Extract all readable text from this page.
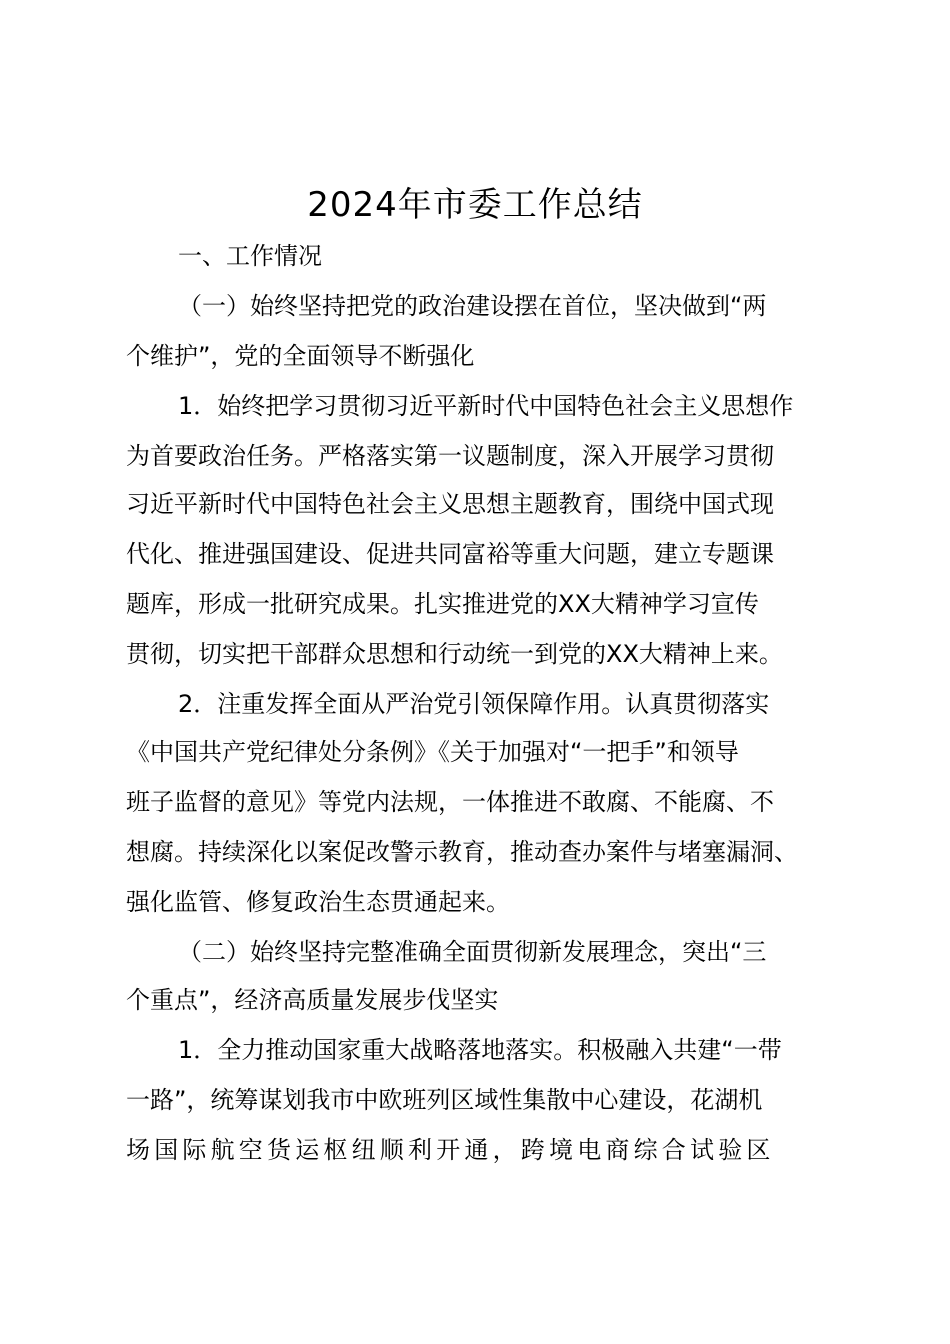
2024年市委工作总结
一、工作情况
（一）始终坚持把党的政治建设摆在首位，坚决做到“两
个维护”，党的全面领导不断强化
1．始终把学习贯彻习近平新时代中国特色社会主义思想作
为首要政治任务。严格落实第一议题制度，深入开展学习贯彻
习近平新时代中国特色社会主义思想主题教育，围绕中国式现
代化、推进强国建设、促进共同富裕等重大问题，建立专题课
题库，形成一批研究成果。扎实推进党的XX大精神学习宣传
贯彻，切实把干部群众思想和行动统一到党的XX大精神上来。
2．注重发挥全面从严治党引领保障作用。认真贯彻落实
《中国共产党纪律处分条例》《关于加强对“一把手”和领导
班子监督的意见》等党内法规，一体推进不敢腐、不能腐、不
想腐。持续深化以案促改警示教育，推动查办案件与堵塞漏洞、
强化监管、修复政治生态贯通起来。
（二）始终坚持完整准确全面贯彻新发展理念，突出“三
个重点”，经济高质量发展步伐坚实
1．全力推动国家重大战略落地落实。积极融入共建“一带
一路”，统筹谋划我市中欧班列区域性集散中心建设，花湖机
场国际航空货运枢纽顺利开通，跨境电商综合试验区
